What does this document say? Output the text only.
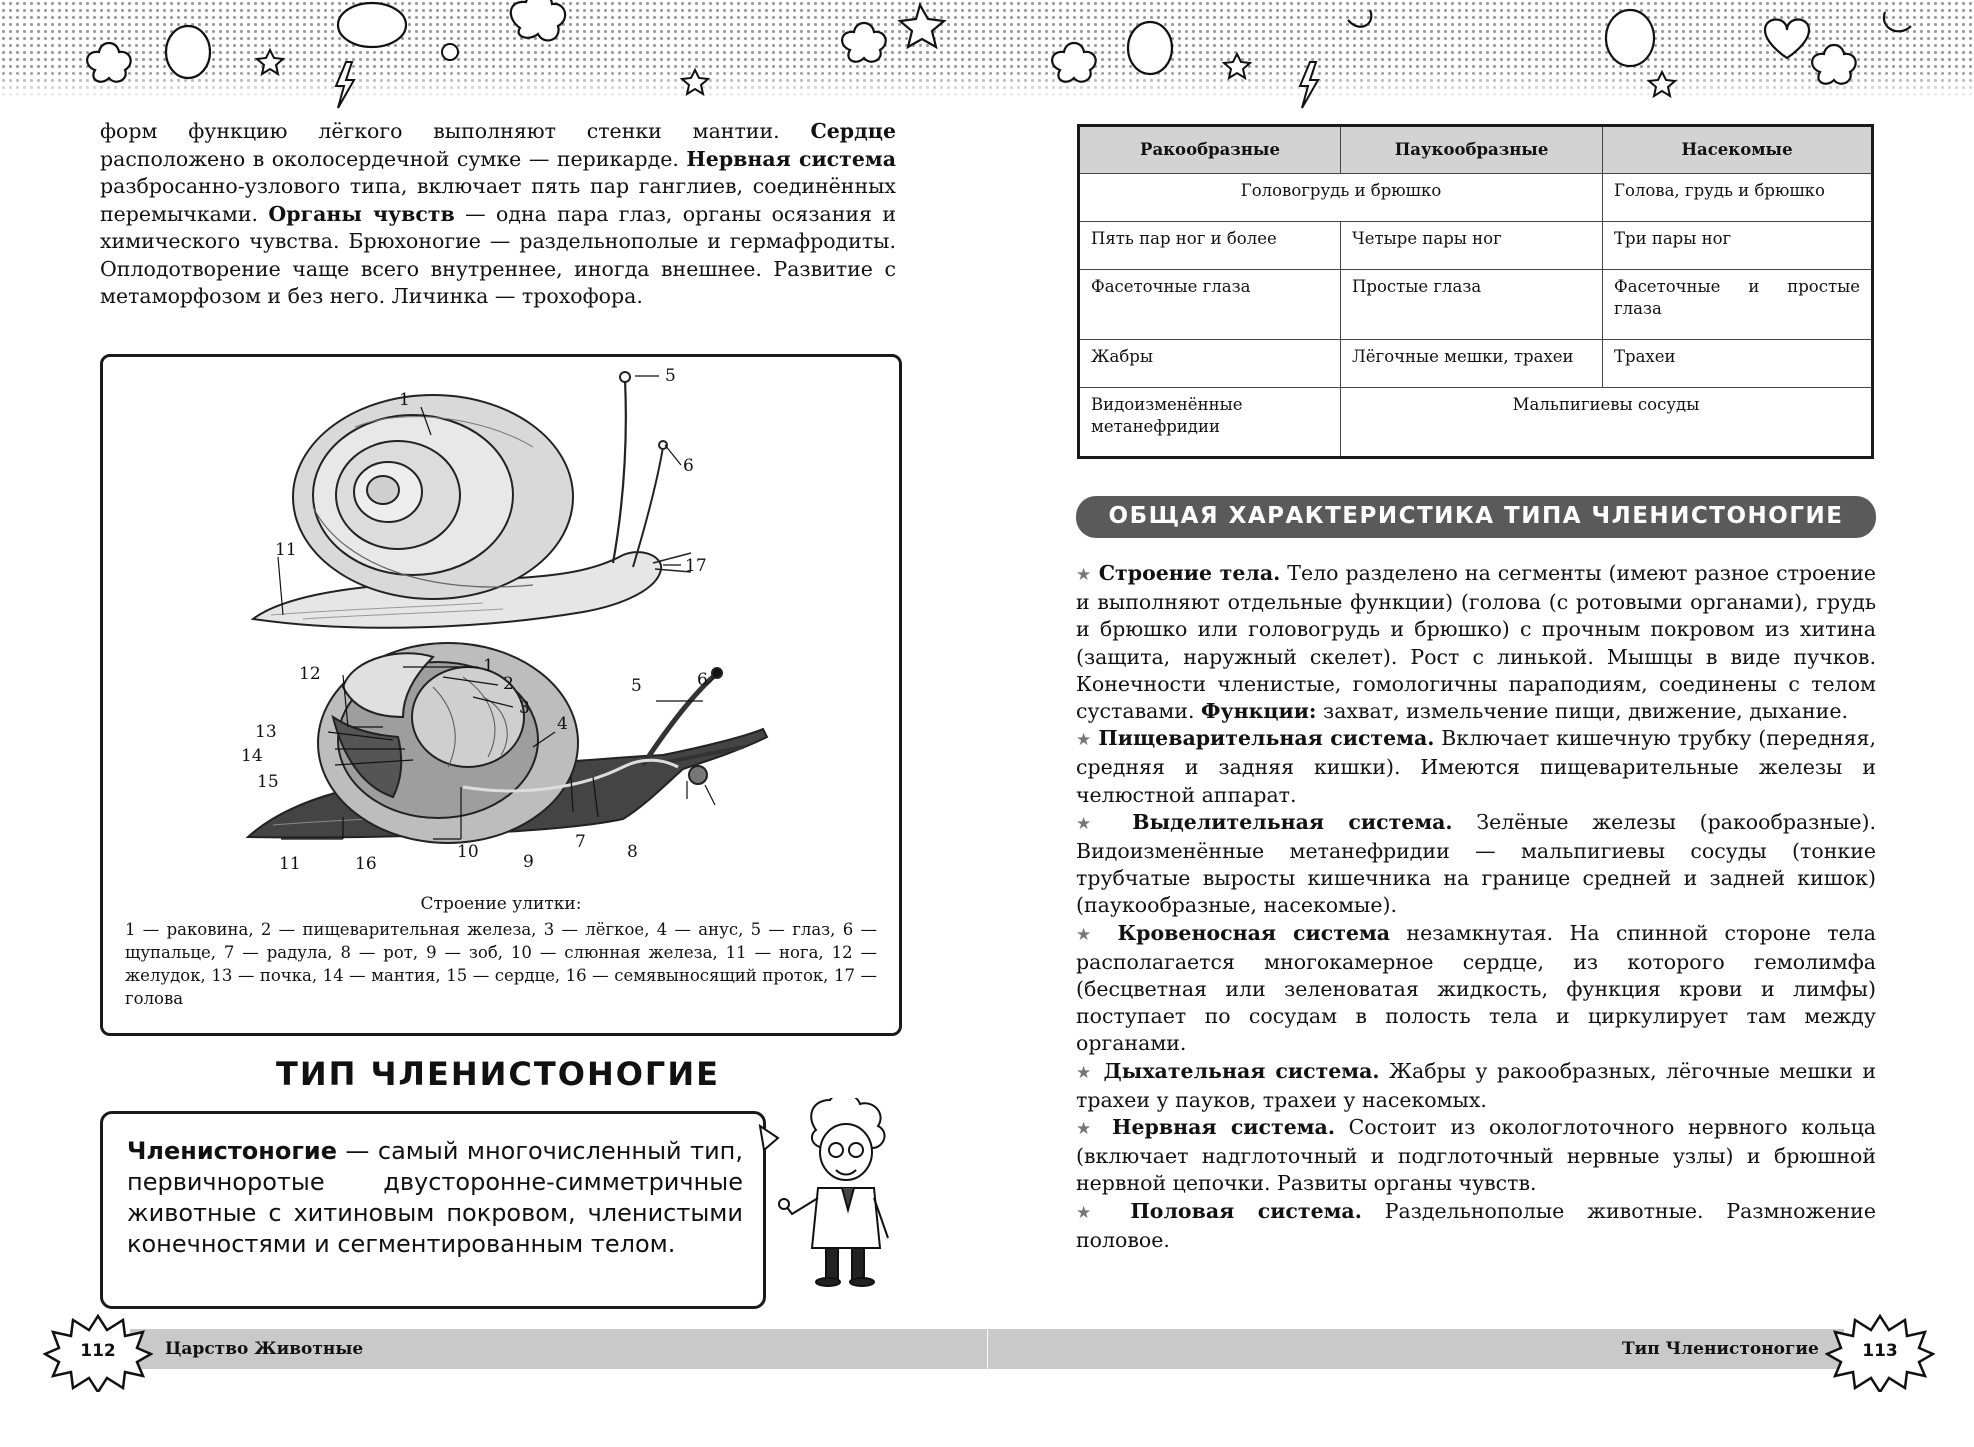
форм функцию лёгкого выполняют стенки мантии. Сердце расположено в околосердечной сумке — перикарде. Нервная система разбросанно-узлового типа, включает пять пар ганглиев, соединённых перемычками. Органы чувств — одна пара глаз, органы осязания и химического чувства. Брюхоногие — раздельнополые и гермафродиты. Оплодотворение чаще всего внутреннее, иногда внешнее. Развитие с метаморфозом и без него. Личинка — трохофора.

1
5
6
11
17
1
2
3
4
5	6
7 8
9
10
11
12
13
14
15
16
Строение улитки:
1 — раковина, 2 — пищеварительная железа, 3 — лёгкое, 4 — анус, 5 — глаз, 6 — щупальце, 7 — радула, 8 — рот, 9 — зоб, 10 — слюнная железа, 11 — нога, 12 — желудок, 13 — почка, 14 — мантия, 15 — сердце, 16 — семявыносящий проток, 17 — голова
ТИП ЧЛЕНИСТОНОГИЕ
Членистоногие — самый многочисленный тип, первичноротые двусторонне-симметричные животные с хитиновым покровом, членистыми конечностями и сегментированным телом.
Царство Животные
112
Ракообразные	Паукообразные	Насекомые
Головогрудь и брюшко		Голова, грудь и брюшко
Пять пар ног и более	Четыре пары ног	Три пары ног
Фасеточные глаза	Простые глаза	Фасеточные и простые глаза
Жабры	Лёгочные мешки, трахеи	Трахеи
Видоизменённые метанефридии	Мальпигиевы сосуды	
ОБЩАЯ ХАРАКТЕРИСТИКА ТИПА ЧЛЕНИСТОНОГИЕ

★ Строение тела. Тело разделено на сегменты (имеют разное строение и выполняют отдельные функции) (голова (с ротовыми органами), грудь и брюшко или головогрудь и брюшко) с прочным покровом из хитина (защита, наружный скелет). Рост с линькой. Мышцы в виде пучков. Конечности членистые, гомологичны параподиям, соединены с телом суставами. Функции: захват, измельчение пищи, движение, дыхание.

★ Пищеварительная система. Включает кишечную трубку (передняя, средняя и задняя кишки). Имеются пищеварительные железы и челюстной аппарат.

★ Выделительная система. Зелёные железы (ракообразные). Видоизменённые метанефридии — мальпигиевы сосуды (тонкие трубчатые выросты кишечника на границе средней и задней кишок) (паукообразные, насекомые).

★ Кровеносная система незамкнутая. На спинной стороне тела располагается многокамерное сердце, из которого гемолимфа (бесцветная или зеленоватая жидкость, функция крови и лимфы) поступает по сосудам в полость тела и циркулирует там между органами.

★ Дыхательная система. Жабры у ракообразных, лёгочные мешки и трахеи у пауков, трахеи у насекомых.

★ Нервная система. Состоит из окологлоточного нервного кольца (включает надглоточный и подглоточный нервные узлы) и брюшной нервной цепочки. Развиты органы чувств.

★ Половая система. Раздельнополые животные. Размножение половое.

Тип Членистоногие	113
